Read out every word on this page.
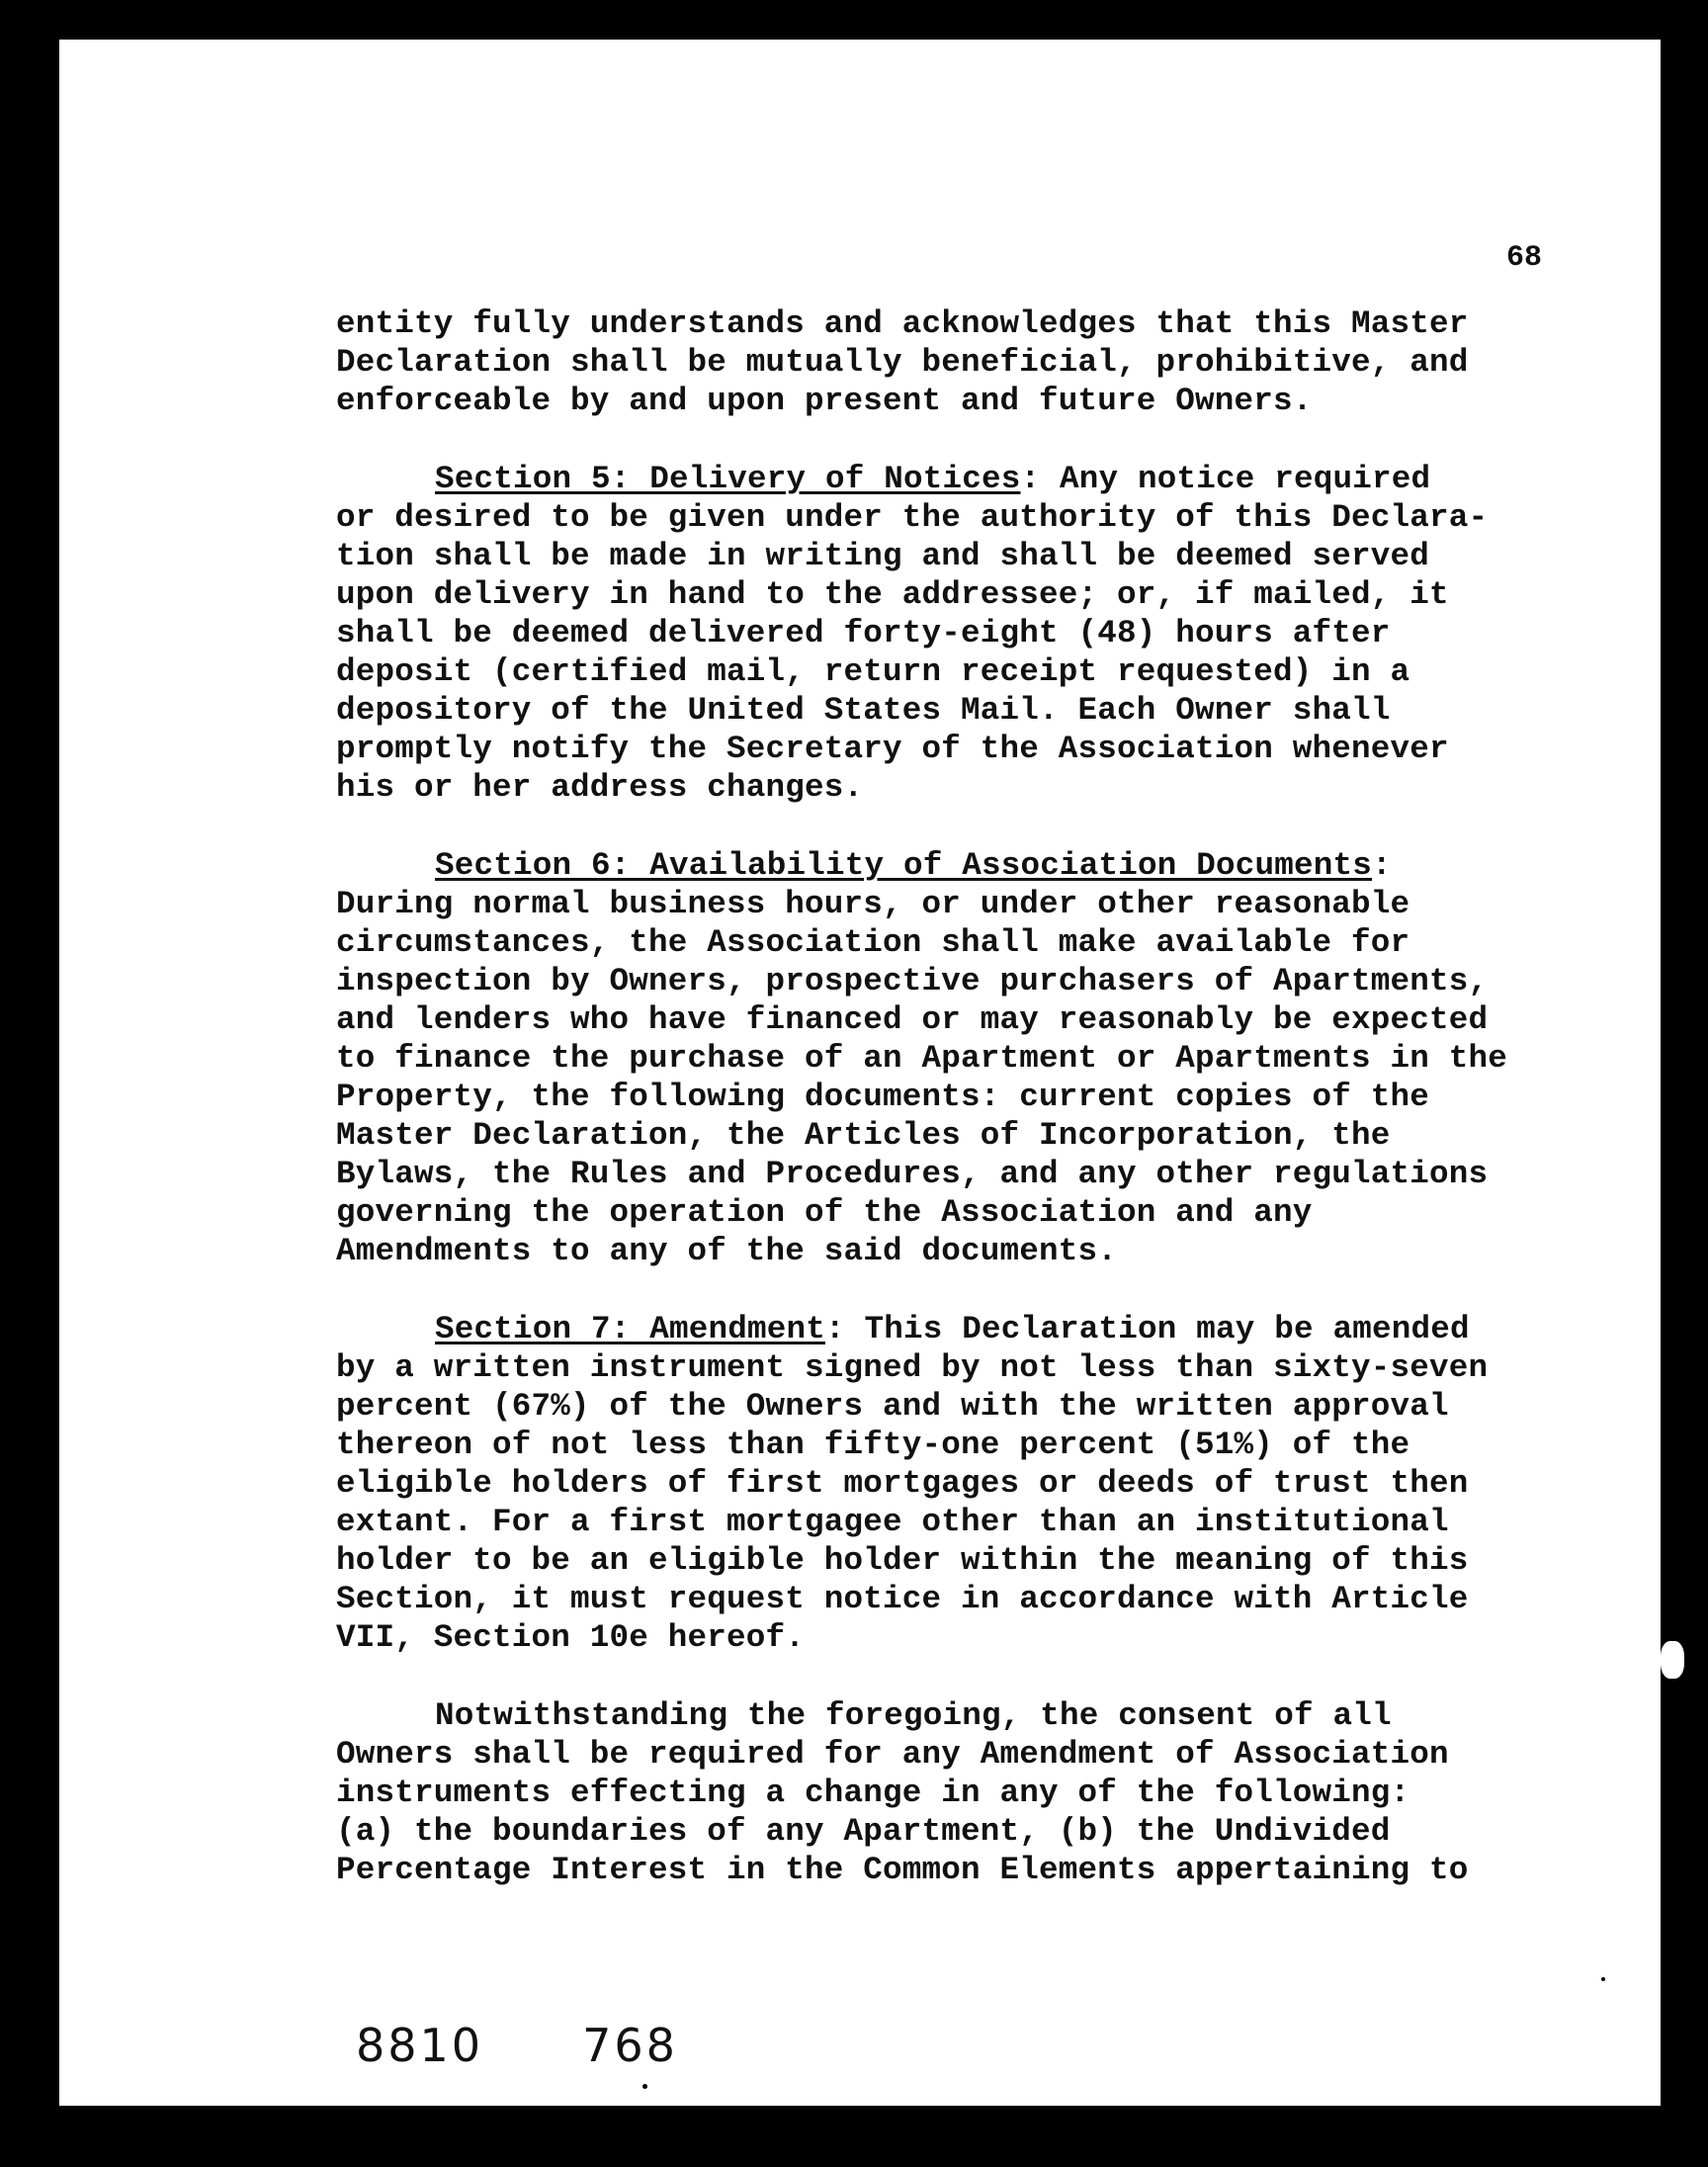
68

entity fully understands and acknowledges that this Master
Declaration shall be mutually beneficial, prohibitive, and
enforceable by and upon present and future Owners.

Section 5: Delivery of Notices: Any notice required
or desired to be given under the authority of this Declara-
tion shall be made in writing and shall be deemed served
upon delivery in hand to the addressee; or, if mailed, it
shall be deemed delivered forty-eight (48) hours after
deposit (certified mail, return receipt requested) in a
depository of the United States Mail. Each Owner shall
promptly notify the Secretary of the Association whenever
his or her address changes.

Section 6: Availability of Association Documents:
During normal business hours, or under other reasonable
circumstances, the Association shall make available for
inspection by Owners, prospective purchasers of Apartments,
and lenders who have financed or may reasonably be expected
to finance the purchase of an Apartment or Apartments in the
Property, the following documents: current copies of the
Master Declaration, the Articles of Incorporation, the
Bylaws, the Rules and Procedures, and any other regulations
governing the operation of the Association and any
Amendments to any of the said documents.

Section 7: Amendment: This Declaration may be amended
by a written instrument signed by not less than sixty-seven
percent (67%) of the Owners and with the written approval
thereon of not less than fifty-one percent (51%) of the
eligible holders of first mortgages or deeds of trust then
extant. For a first mortgagee other than an institutional
holder to be an eligible holder within the meaning of this
Section, it must request notice in accordance with Article
VII, Section 10e hereof.

Notwithstanding the foregoing, the consent of all
Owners shall be required for any Amendment of Association
instruments effecting a change in any of the following:
(a) the boundaries of any Apartment, (b) the Undivided
Percentage Interest in the Common Elements appertaining to

8810 768
